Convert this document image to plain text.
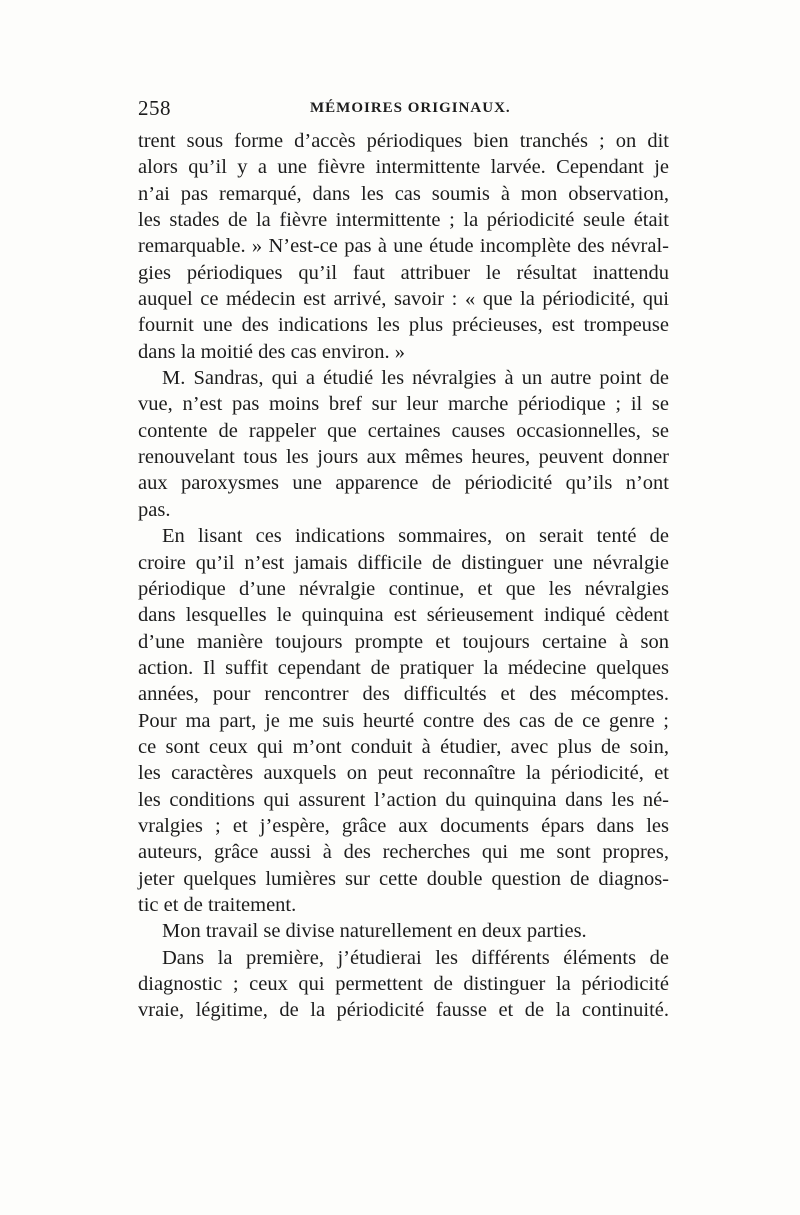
258	MÉMOIRES ORIGINAUX.
trent sous forme d’accès périodiques bien tranchés ; on dit
alors qu’il y a une fièvre intermittente larvée. Cependant je
n’ai pas remarqué, dans les cas soumis à mon observation,
les stades de la fièvre intermittente ; la périodicité seule était
remarquable. » N’est-ce pas à une étude incomplète des névral-
gies périodiques qu’il faut attribuer le résultat inattendu
auquel ce médecin est arrivé, savoir : « que la périodicité, qui
fournit une des indications les plus précieuses, est trompeuse
dans la moitié des cas environ. »
M. Sandras, qui a étudié les névralgies à un autre point de
vue, n’est pas moins bref sur leur marche périodique ; il se
contente de rappeler que certaines causes occasionnelles, se
renouvelant tous les jours aux mêmes heures, peuvent donner
aux paroxysmes une apparence de périodicité qu’ils n’ont
pas.
En lisant ces indications sommaires, on serait tenté de
croire qu’il n’est jamais difficile de distinguer une névralgie
périodique d’une névralgie continue, et que les névralgies
dans lesquelles le quinquina est sérieusement indiqué cèdent
d’une manière toujours prompte et toujours certaine à son
action. Il suffit cependant de pratiquer la médecine quelques
années, pour rencontrer des difficultés et des mécomptes.
Pour ma part, je me suis heurté contre des cas de ce genre ;
ce sont ceux qui m’ont conduit à étudier, avec plus de soin,
les caractères auxquels on peut reconnaître la périodicité, et
les conditions qui assurent l’action du quinquina dans les né-
vralgies ; et j’espère, grâce aux documents épars dans les
auteurs, grâce aussi à des recherches qui me sont propres,
jeter quelques lumières sur cette double question de diagnos-
tic et de traitement.
Mon travail se divise naturellement en deux parties.
Dans la première, j’étudierai les différents éléments de
diagnostic ; ceux qui permettent de distinguer la périodicité
vraie, légitime, de la périodicité fausse et de la continuité.
